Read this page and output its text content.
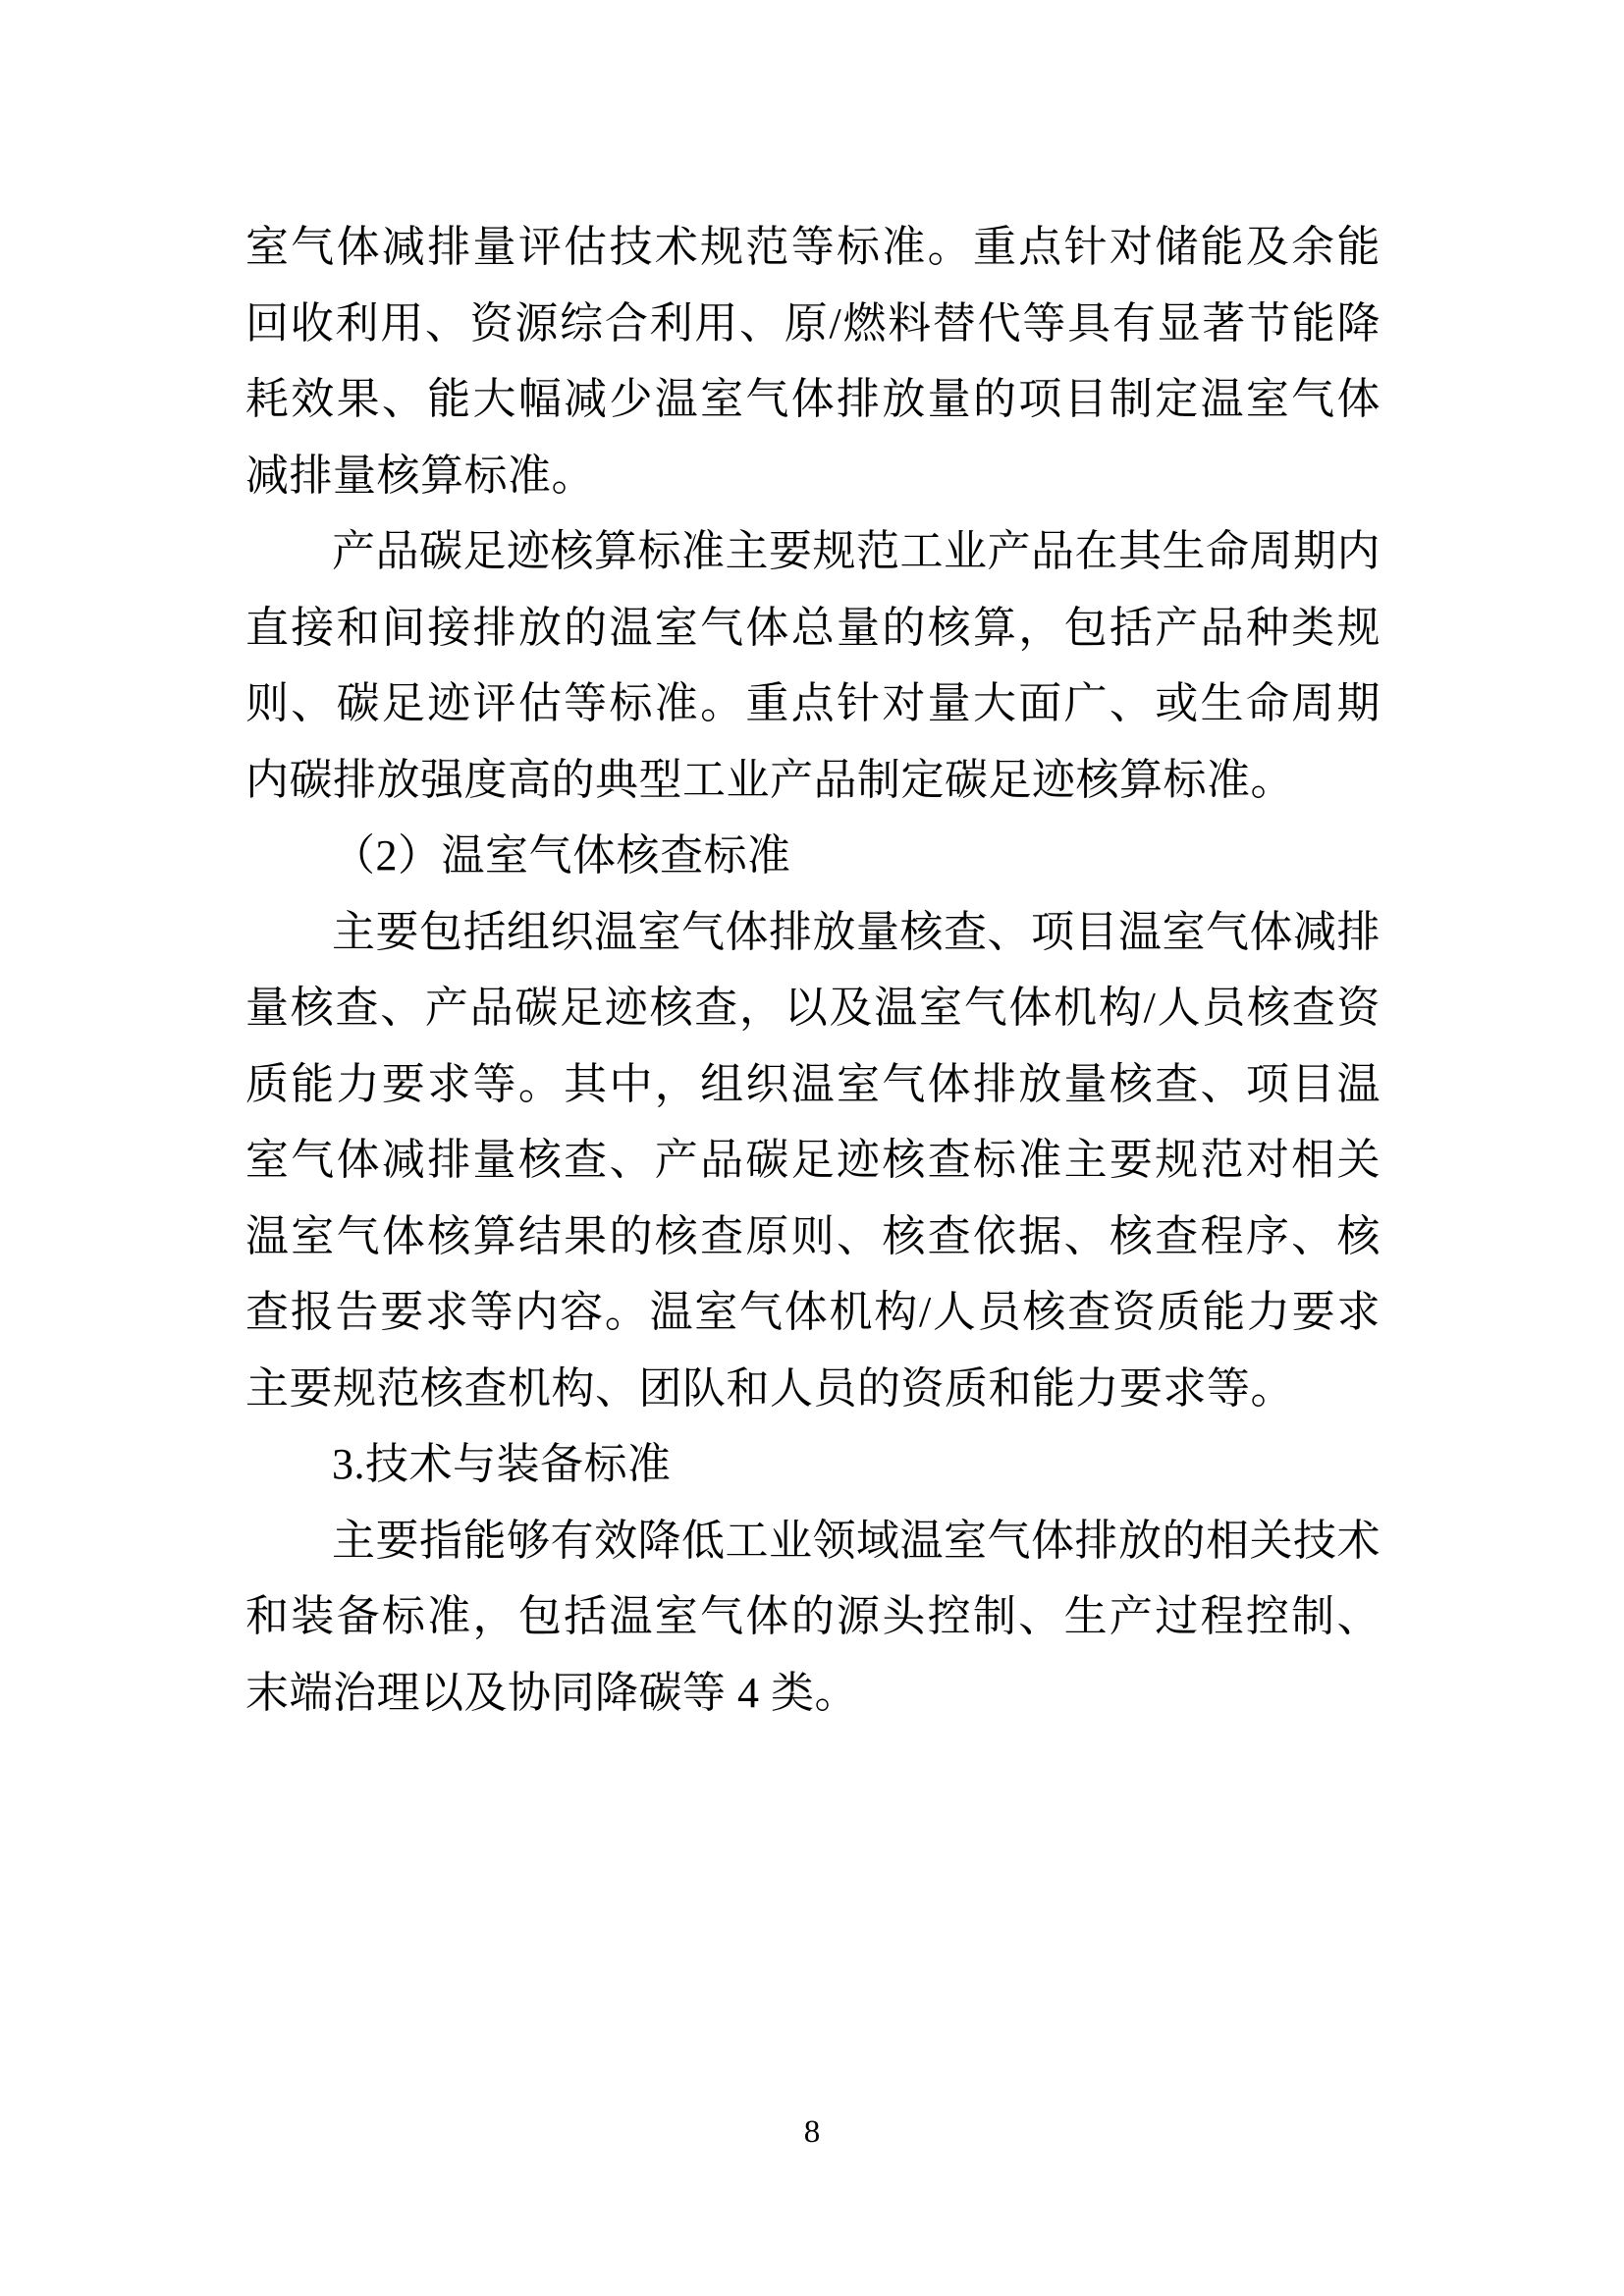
室气体减排量评估技术规范等标准。重点针对储能及余能回收利用、资源综合利用、原/燃料替代等具有显著节能降耗效果、能大幅减少温室气体排放量的项目制定温室气体减排量核算标准。

产品碳足迹核算标准主要规范工业产品在其生命周期内直接和间接排放的温室气体总量的核算，包括产品种类规则、碳足迹评估等标准。重点针对量大面广、或生命周期内碳排放强度高的典型工业产品制定碳足迹核算标准。

（2）温室气体核查标准

主要包括组织温室气体排放量核查、项目温室气体减排量核查、产品碳足迹核查，以及温室气体机构/人员核查资质能力要求等。其中，组织温室气体排放量核查、项目温室气体减排量核查、产品碳足迹核查标准主要规范对相关温室气体核算结果的核查原则、核查依据、核查程序、核查报告要求等内容。温室气体机构/人员核查资质能力要求主要规范核查机构、团队和人员的资质和能力要求等。

3.技术与装备标准

主要指能够有效降低工业领域温室气体排放的相关技术和装备标准，包括温室气体的源头控制、生产过程控制、末端治理以及协同降碳等 4 类。

8
